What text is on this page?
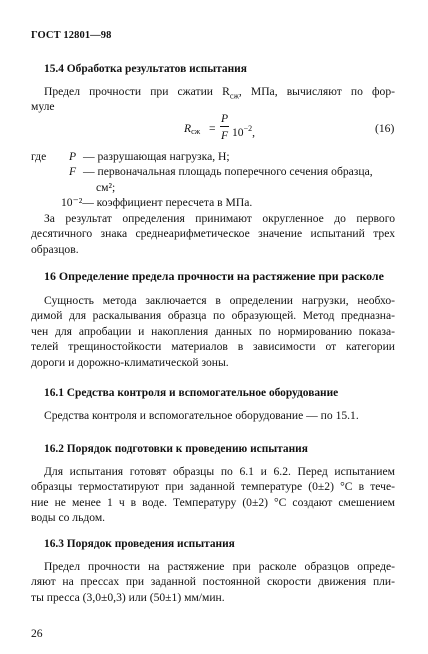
ГОСТ 12801—98
15.4 Обработка результатов испытания
Предел прочности при сжатии $R_{сж}$, МПа, вычисляют по фор-
муле
$R_{сж}$ =
P
F $10^{-2}$,	(16)
где P — разрушающая нагрузка, Н;
F — первоначальная площадь поперечного сечения образца,
см²;
10⁻²— коэффициент пересчета в МПа.
За результат определения принимают округленное до первого
десятичного знака среднеарифметическое значение испытаний трех
образцов.
16 Определение предела прочности на растяжение при расколе
Сущность метода заключается в определении нагрузки, необхо-
димой для раскалывания образца по образующей. Метод предназна-
чен для апробации и накопления данных по нормированию показа-
телей трещиностойкости материалов в зависимости от категории
дороги и дорожно-климатической зоны.
16.1 Средства контроля и вспомогательное оборудование
Средства контроля и вспомогательное оборудование — по 15.1.
16.2 Порядок подготовки к проведению испытания
Для испытания готовят образцы по 6.1 и 6.2. Перед испытанием
образцы термостатируют при заданной температуре (0±2) °С в тече-
ние не менее 1 ч в воде. Температуру (0±2) °С создают смешением
воды со льдом.
16.3 Порядок проведения испытания
Предел прочности на растяжение при расколе образцов опреде-
ляют на прессах при заданной постоянной скорости движения пли-
ты пресса (3,0±0,3) или (50±1) мм/мин.
26
